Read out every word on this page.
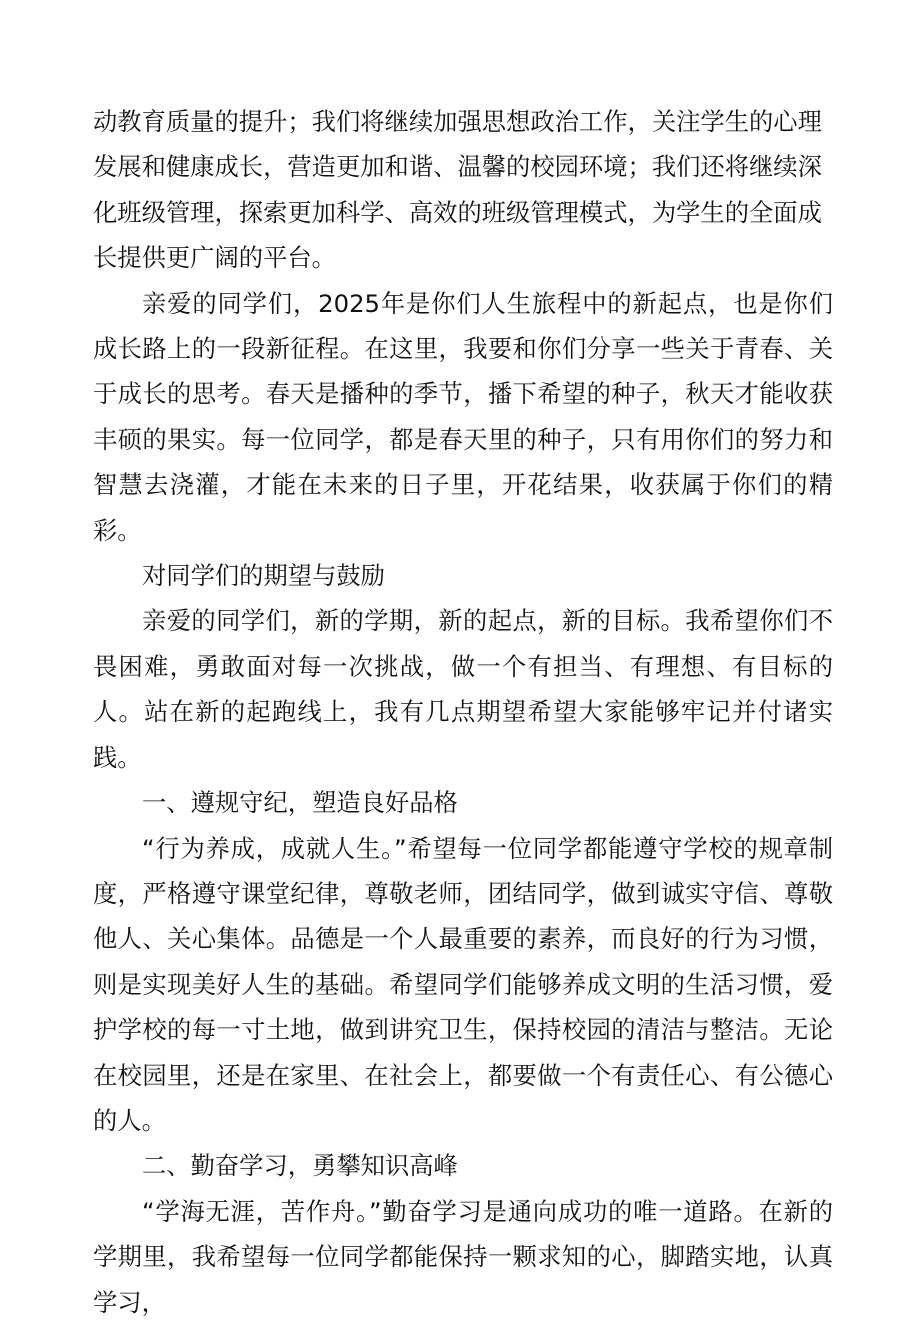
动教育质量的提升；我们将继续加强思想政治工作，关注学生的心理发展和健康成长，营造更加和谐、温馨的校园环境；我们还将继续深化班级管理，探索更加科学、高效的班级管理模式，为学生的全面成长提供更广阔的平台。

亲爱的同学们，2025年是你们人生旅程中的新起点，也是你们成长路上的一段新征程。在这里，我要和你们分享一些关于青春、关于成长的思考。春天是播种的季节，播下希望的种子，秋天才能收获丰硕的果实。每一位同学，都是春天里的种子，只有用你们的努力和智慧去浇灌，才能在未来的日子里，开花结果，收获属于你们的精彩。

对同学们的期望与鼓励

亲爱的同学们，新的学期，新的起点，新的目标。我希望你们不畏困难，勇敢面对每一次挑战，做一个有担当、有理想、有目标的人。站在新的起跑线上，我有几点期望希望大家能够牢记并付诸实践。

一、遵规守纪，塑造良好品格

“行为养成，成就人生。”希望每一位同学都能遵守学校的规章制度，严格遵守课堂纪律，尊敬老师，团结同学，做到诚实守信、尊敬他人、关心集体。品德是一个人最重要的素养，而良好的行为习惯，则是实现美好人生的基础。希望同学们能够养成文明的生活习惯，爱护学校的每一寸土地，做到讲究卫生，保持校园的清洁与整洁。无论在校园里，还是在家里、在社会上，都要做一个有责任心、有公德心的人。

二、勤奋学习，勇攀知识高峰

“学海无涯，苦作舟。”勤奋学习是通向成功的唯一道路。在新的学期里，我希望每一位同学都能保持一颗求知的心，脚踏实地，认真学习，
